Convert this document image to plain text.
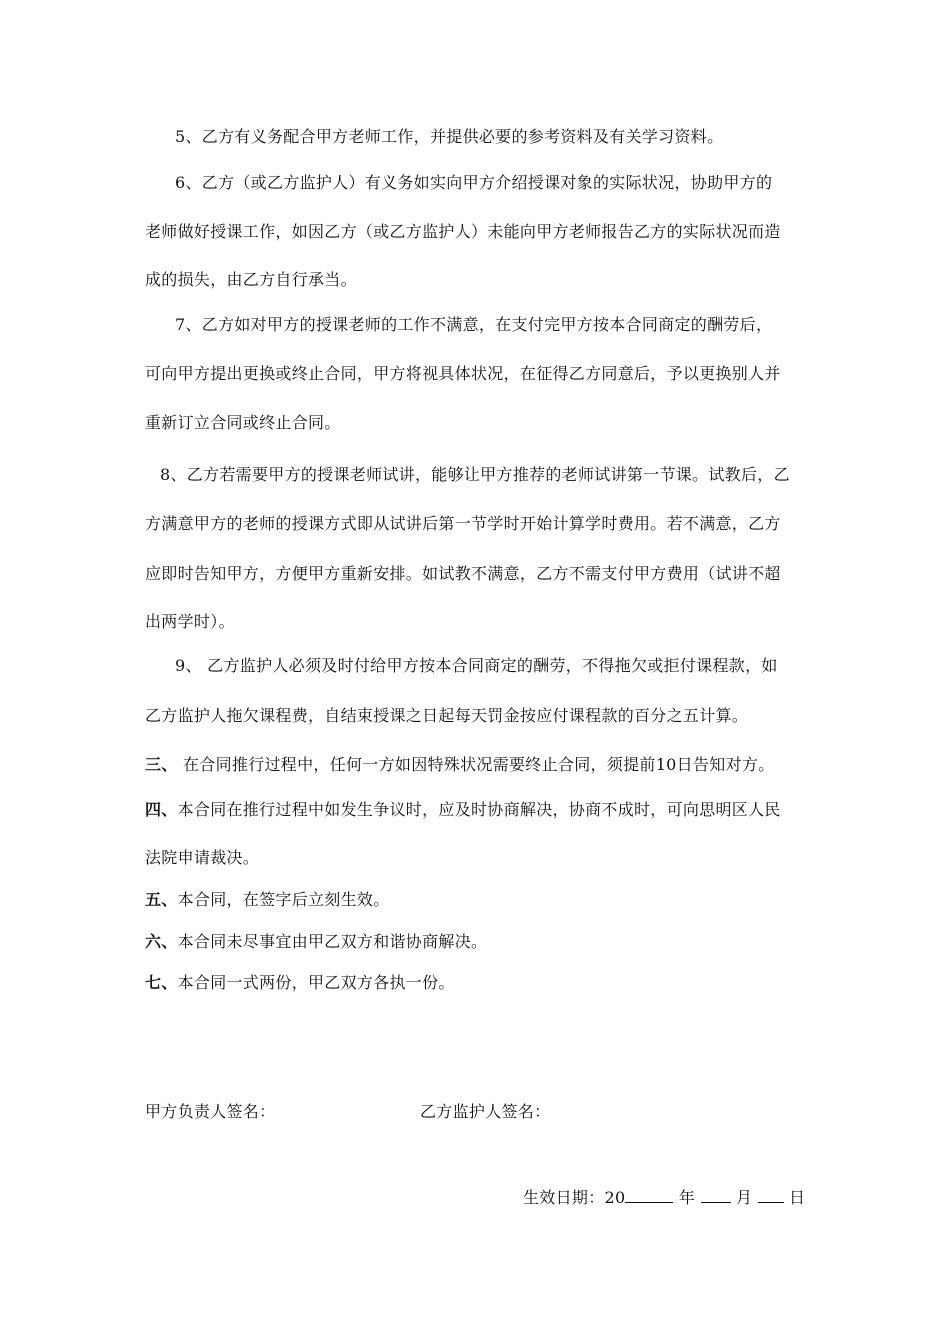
5、乙方有义务配合甲方老师工作，并提供必要的参考资料及有关学习资料。
6、乙方（或乙方监护人）有义务如实向甲方介绍授课对象的实际状况，协助甲方的
老师做好授课工作，如因乙方（或乙方监护人）未能向甲方老师报告乙方的实际状况而造
成的损失，由乙方自行承当。
7、乙方如对甲方的授课老师的工作不满意，在支付完甲方按本合同商定的酬劳后，
可向甲方提出更换或终止合同，甲方将视具体状况，在征得乙方同意后，予以更换别人并
重新订立合同或终止合同。
8、乙方若需要甲方的授课老师试讲，能够让甲方推荐的老师试讲第一节课。试教后，乙
方满意甲方的老师的授课方式即从试讲后第一节学时开始计算学时费用。若不满意，乙方
应即时告知甲方，方便甲方重新安排。如试教不满意，乙方不需支付甲方费用（试讲不超
出两学时）。
9、 乙方监护人必须及时付给甲方按本合同商定的酬劳，不得拖欠或拒付课程款，如
乙方监护人拖欠课程费，自结束授课之日起每天罚金按应付课程款的百分之五计算。
三、 在合同推行过程中，任何一方如因特殊状况需要终止合同，须提前10日告知对方。
四、本合同在推行过程中如发生争议时，应及时协商解决，协商不成时，可向思明区人民
法院申请裁决。
五、本合同，在签字后立刻生效。
六、本合同未尽事宜由甲乙双方和谐协商解决。
七、本合同一式两份，甲乙双方各执一份。
甲方负责人签名：	乙方监护人签名：
生效日期：20	年	月 日
